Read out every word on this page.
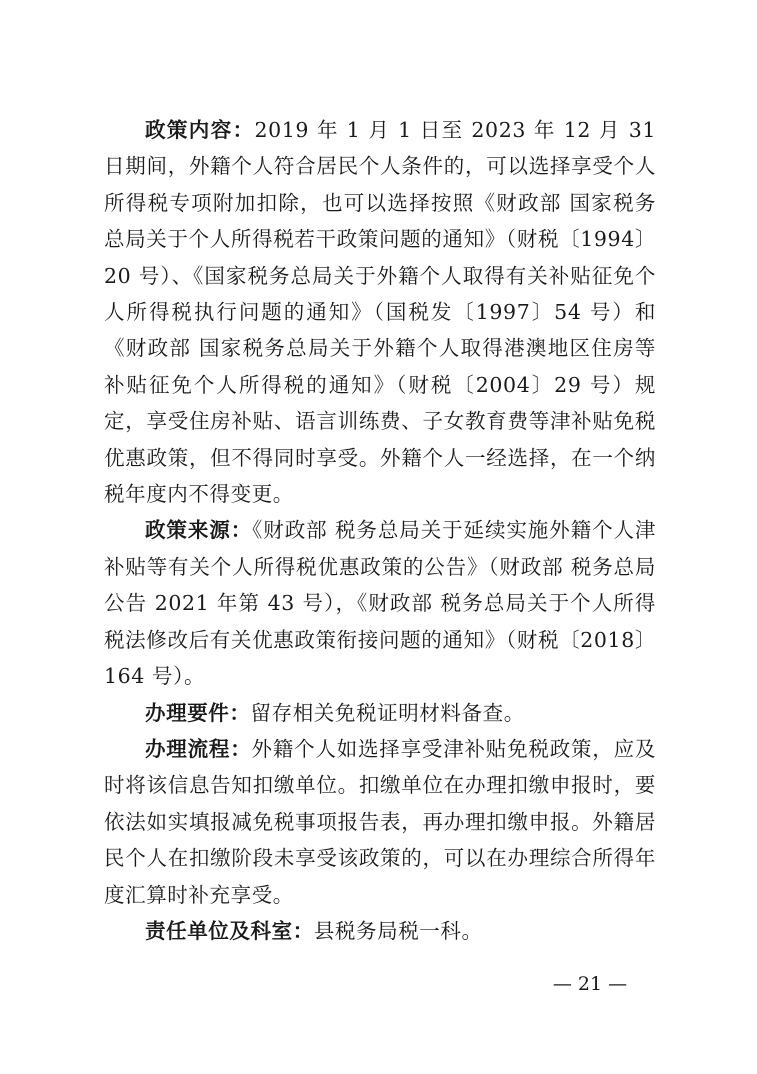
政策内容：2019 年 1 月 1 日至 2023 年 12 月 31 日期间，外籍个人符合居民个人条件的，可以选择享受个人所得税专项附加扣除，也可以选择按照《财政部 国家税务总局关于个人所得税若干政策问题的通知》（财税〔1994〕20 号）、《国家税务总局关于外籍个人取得有关补贴征免个人所得税执行问题的通知》（国税发〔1997〕54 号）和《财政部 国家税务总局关于外籍个人取得港澳地区住房等补贴征免个人所得税的通知》（财税〔2004〕29 号）规定，享受住房补贴、语言训练费、子女教育费等津补贴免税优惠政策，但不得同时享受。外籍个人一经选择，在一个纳税年度内不得变更。

政策来源：《财政部 税务总局关于延续实施外籍个人津补贴等有关个人所得税优惠政策的公告》（财政部 税务总局公告 2021 年第 43 号），《财政部 税务总局关于个人所得税法修改后有关优惠政策衔接问题的通知》（财税〔2018〕164 号）。

办理要件：留存相关免税证明材料备查。

办理流程：外籍个人如选择享受津补贴免税政策，应及时将该信息告知扣缴单位。扣缴单位在办理扣缴申报时，要依法如实填报减免税事项报告表，再办理扣缴申报。外籍居民个人在扣缴阶段未享受该政策的，可以在办理综合所得年度汇算时补充享受。

责任单位及科室：县税务局税一科。

— 21 —
